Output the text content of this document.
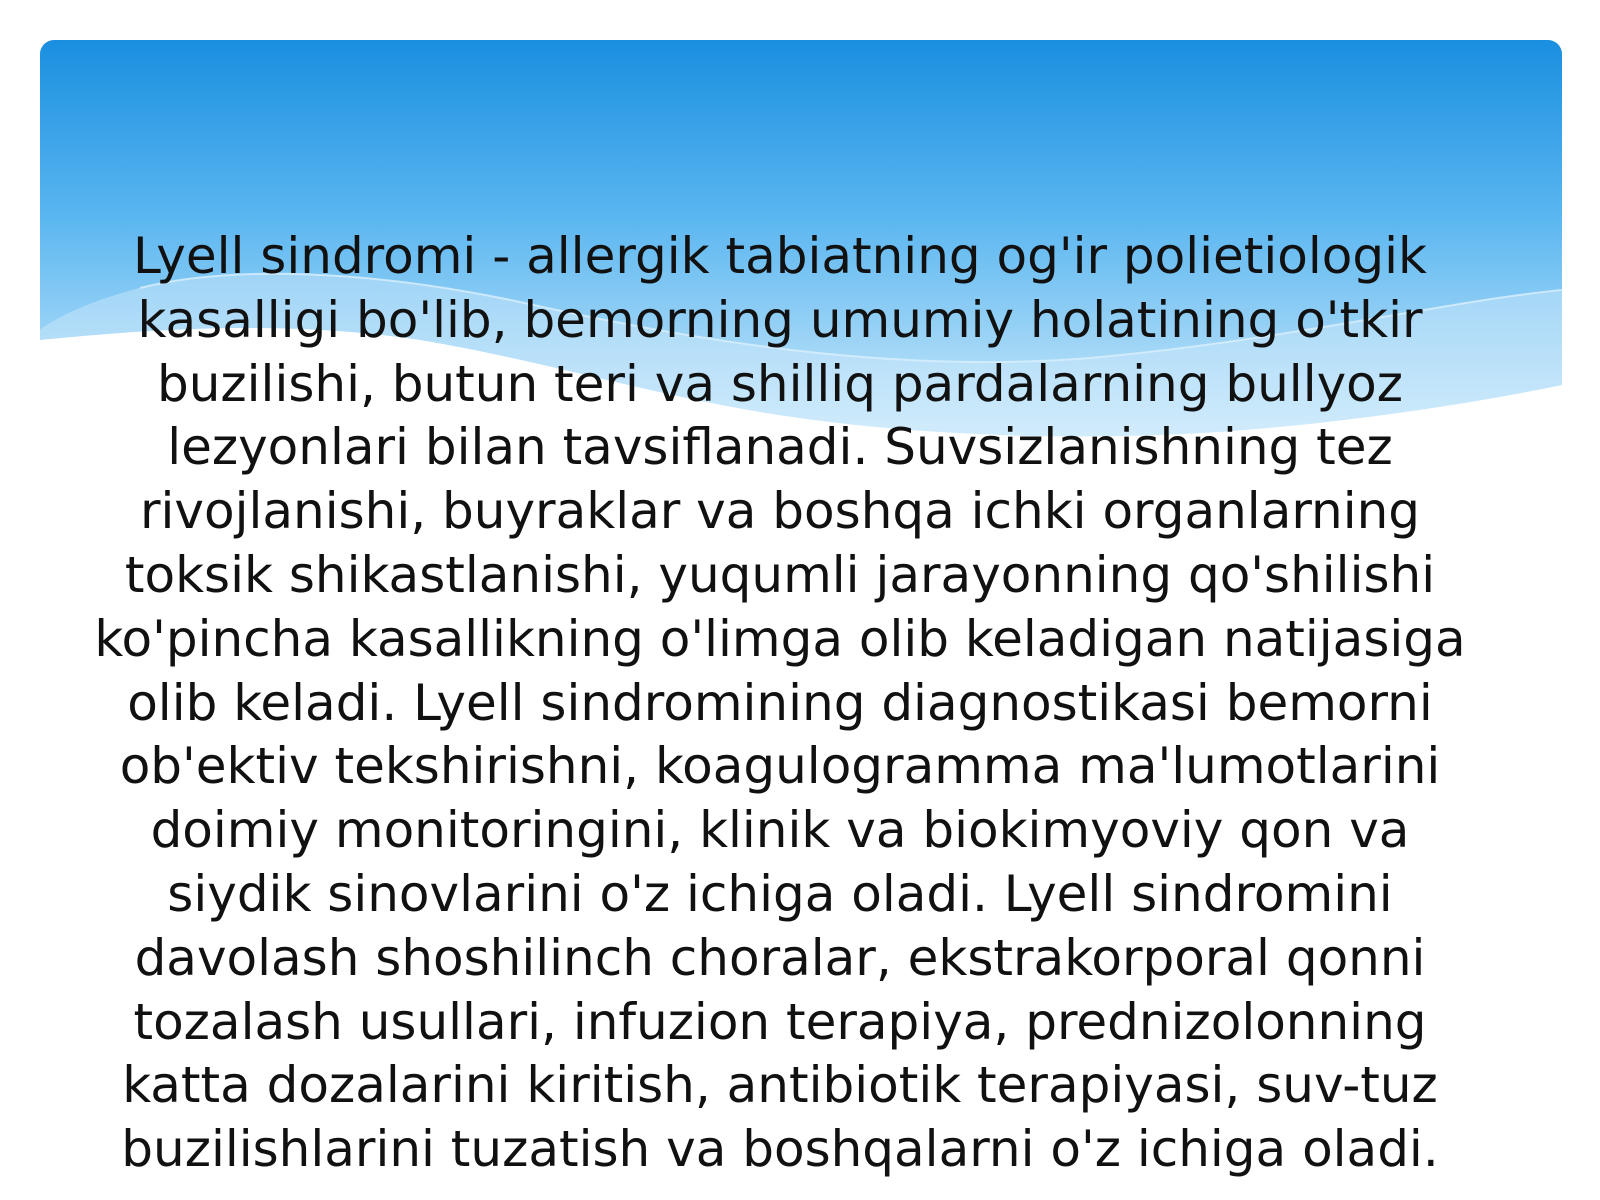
Lyell sindromi - allergik tabiatning og'ir polietiologik
kasalligi bo'lib, bemorning umumiy holatining o'tkir
buzilishi, butun teri va shilliq pardalarning bullyoz
lezyonlari bilan tavsiflanadi. Suvsizlanishning tez
rivojlanishi, buyraklar va boshqa ichki organlarning
toksik shikastlanishi, yuqumli jarayonning qo'shilishi
ko'pincha kasallikning o'limga olib keladigan natijasiga
olib keladi. Lyell sindromining diagnostikasi bemorni
ob'ektiv tekshirishni, koagulogramma ma'lumotlarini
doimiy monitoringini, klinik va biokimyoviy qon va
siydik sinovlarini o'z ichiga oladi. Lyell sindromini
davolash shoshilinch choralar, ekstrakorporal qonni
tozalash usullari, infuzion terapiya, prednizolonning
katta dozalarini kiritish, antibiotik terapiyasi, suv-tuz
buzilishlarini tuzatish va boshqalarni o'z ichiga oladi.
